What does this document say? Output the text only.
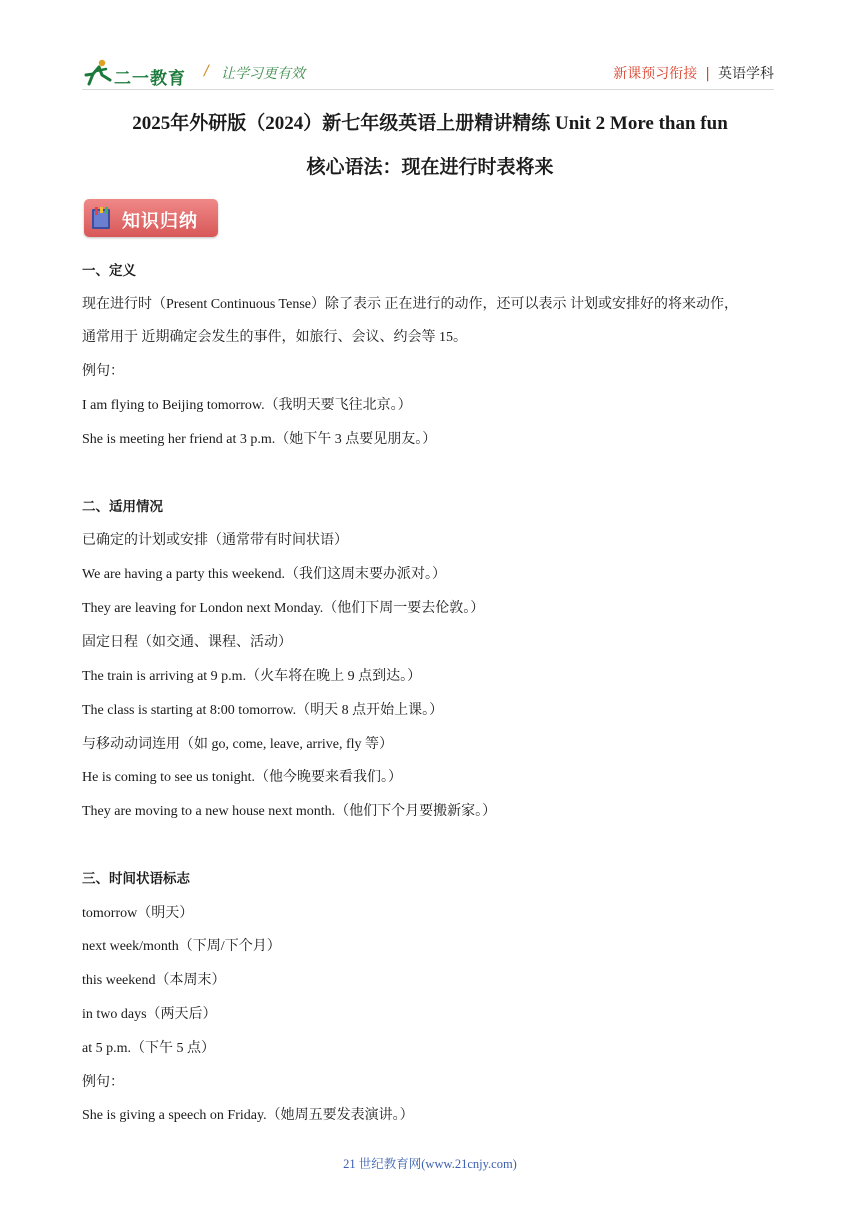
二一教育 / 让学习更有效	新课预习衔接 | 英语学科
2025年外研版（2024）新七年级英语上册精讲精练 Unit 2 More than fun
核心语法：现在进行时表将来
知识归纳
一、定义
现在进行时（Present Continuous Tense）除了表示 正在进行的动作，还可以表示 计划或安排好的将来动作，
通常用于 近期确定会发生的事件，如旅行、会议、约会等 15。
例句：
I am flying to Beijing tomorrow.（我明天要飞往北京。）
She is meeting her friend at 3 p.m.（她下午 3 点要见朋友。）
二、适用情况
已确定的计划或安排（通常带有时间状语）
We are having a party this weekend.（我们这周末要办派对。）
They are leaving for London next Monday.（他们下周一要去伦敦。）
固定日程（如交通、课程、活动）
The train is arriving at 9 p.m.（火车将在晚上 9 点到达。）
The class is starting at 8:00 tomorrow.（明天 8 点开始上课。）
与移动动词连用（如 go, come, leave, arrive, fly 等）
He is coming to see us tonight.（他今晚要来看我们。）
They are moving to a new house next month.（他们下个月要搬新家。）
三、时间状语标志
tomorrow（明天）
next week/month（下周/下个月）
this weekend（本周末）
in two days（两天后）
at 5 p.m.（下午 5 点）
例句：
She is giving a speech on Friday.（她周五要发表演讲。）
21 世纪教育网(www.21cnjy.com)
